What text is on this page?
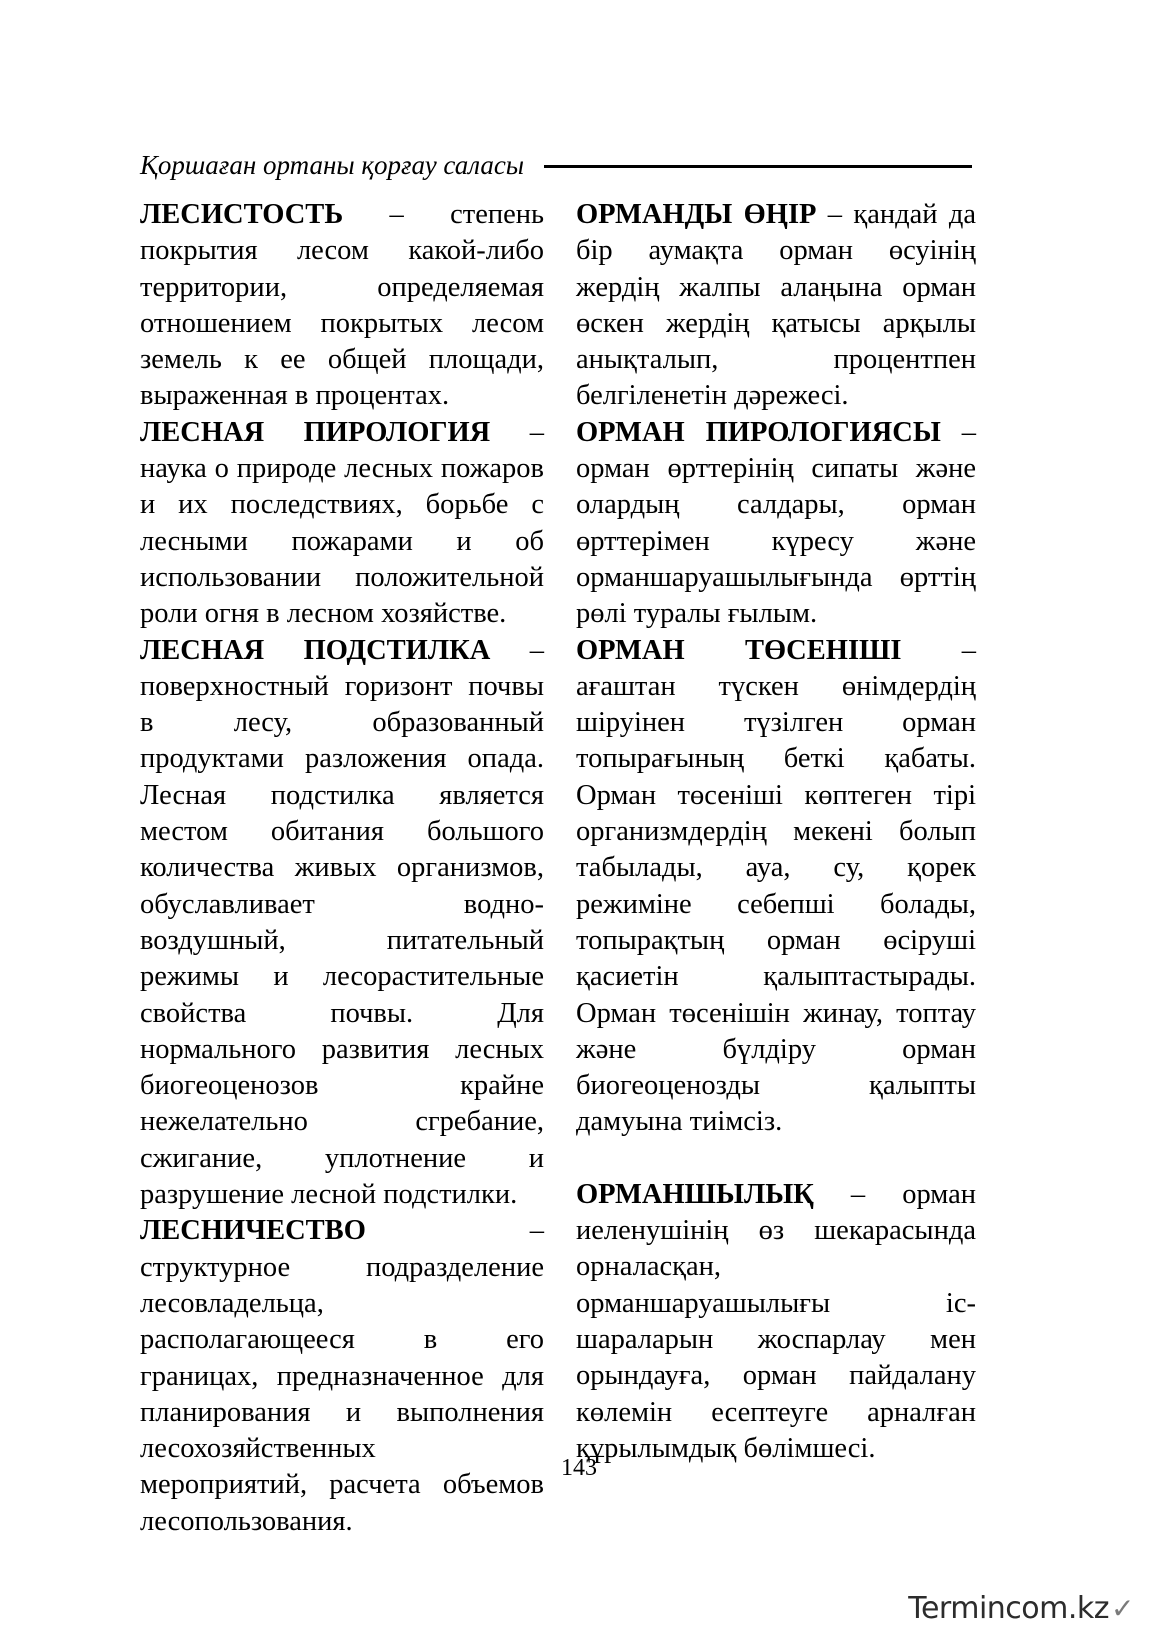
Қоршаған ортаны қорғау саласы

ЛЕСИСТОСТЬ – степень покрытия лесом какой-либо территории, определяемая отношением покрытых лесом земель к ее общей площади, выраженная в процентах.

ЛЕСНАЯ ПИРОЛОГИЯ – наука о природе лесных пожаров и их последствиях, борьбе с лесными пожарами и об использовании положительной роли огня в лесном хозяйстве.

ЛЕСНАЯ ПОДСТИЛКА – поверхностный горизонт почвы в лесу, образованный продуктами разложения опада. Лесная подстилка является местом обитания большого количества живых организмов, обуславливает водно-воздушный, питательный режимы и лесорастительные свойства почвы. Для нормального развития лесных биогеоценозов крайне нежелательно сгребание, сжигание, уплотнение и разрушение лесной подстилки.

ЛЕСНИЧЕСТВО – структурное подразделение лесовладельца, располагающееся в его границах, предназначенное для планирования и выполнения лесохозяйственных мероприятий, расчета объемов лесопользования.

ОРМАНДЫ ӨҢІР – қандай да бір аумақта орман өсуінің жердің жалпы алаңына орман өскен жердің қатысы арқылы анықталып, процентпен белгіленетін дәрежесі.

ОРМАН ПИРОЛОГИЯСЫ – орман өрттерінің сипаты және олардың салдары, орман өрттерімен күресу және орманшаруашылығында өрттің рөлі туралы ғылым.

ОРМАН ТӨСЕНІШІ – ағаштан түскен өнімдердің шіруінен түзілген орман топырағының беткі қабаты. Орман төсеніші көптеген тірі организмдердің мекені болып табылады, ауа, су, қорек режиміне себепші болады, топырақтың орман өсіруші қасиетін қалыптастырады. Орман төсенішін жинау, топтау және бүлдіру орман биогеоценозды қалыпты дамуына тиімсіз.

ОРМАНШЫЛЫҚ – орман иеленушінің өз шекарасында орналасқан, орманшаруашылығы іс-шараларын жоспарлау мен орындауға, орман пайдалану көлемін есептеуге арналған құрылымдық бөлімшесі.

143
Termincom.kz ✓
